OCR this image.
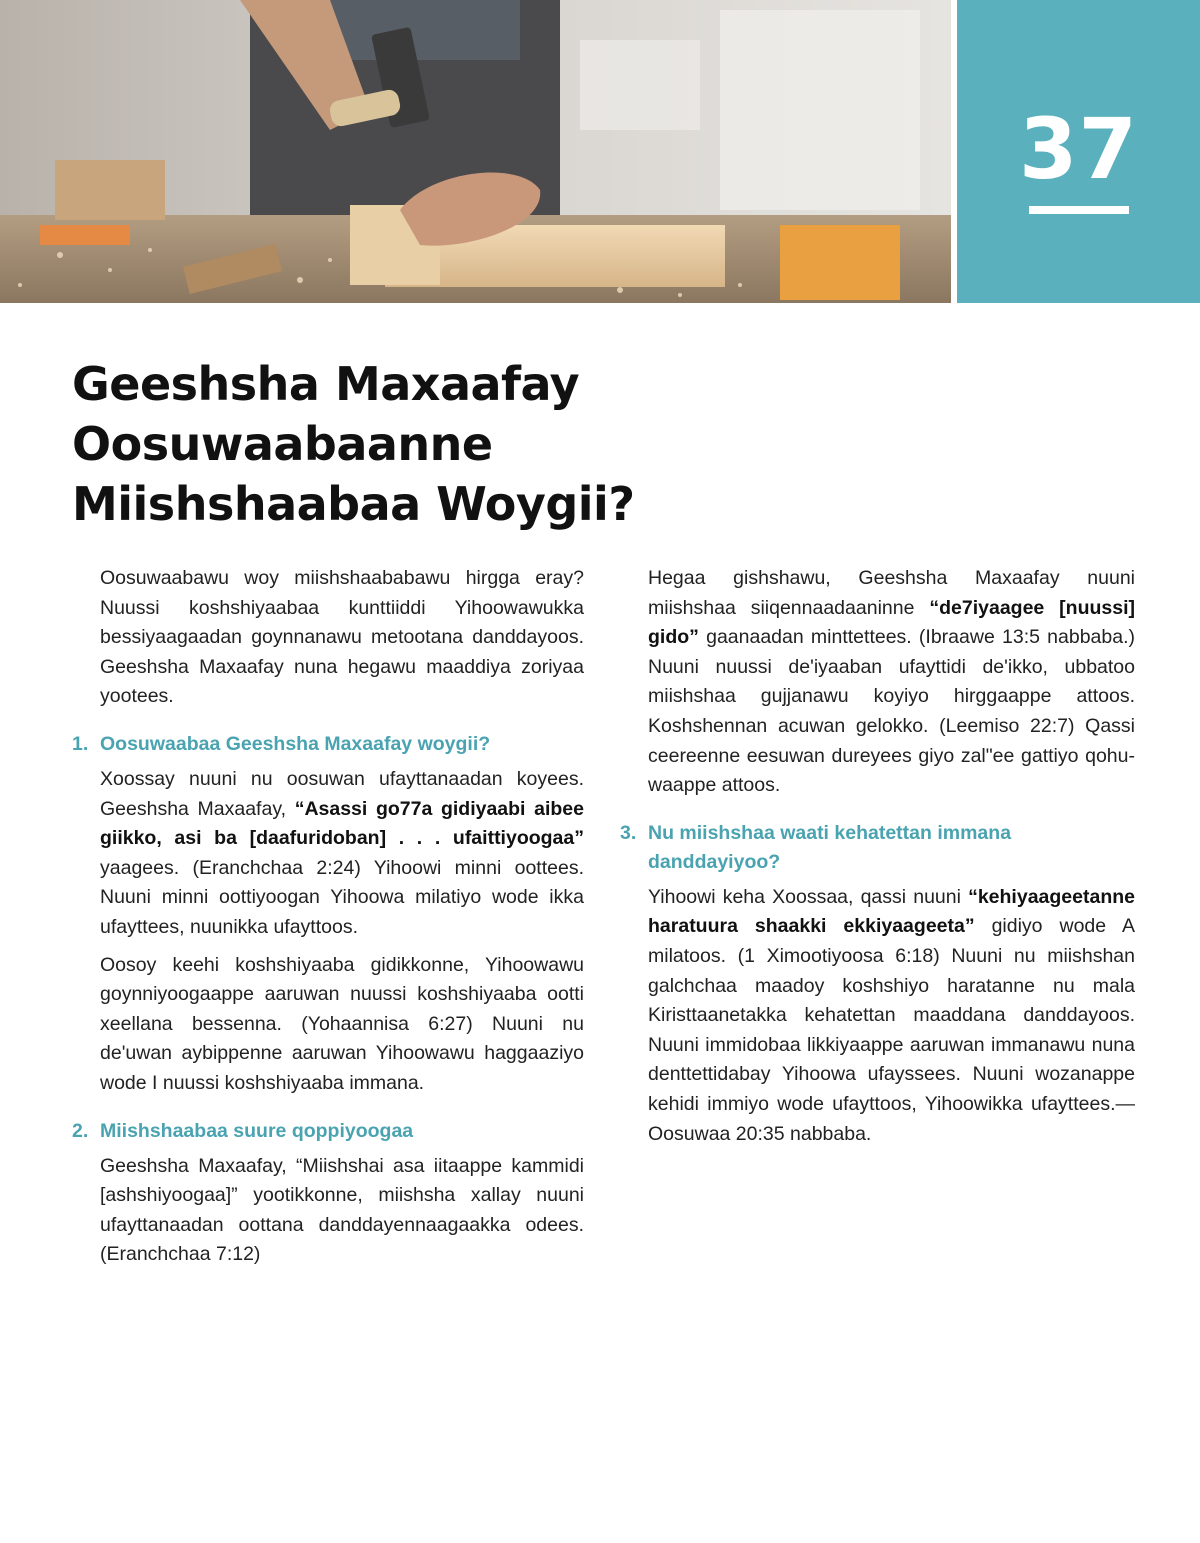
37
Geeshsha Maxaafay
Oosuwaabaanne
Miishshaabaa Woygii?

Oosuwaabawu woy miishshaababawu hirgga eray? Nuussi koshshiyaabaa kunttiiddi Yihoowawukka bessiyaagaadan goynnanawu metootana danddayoos. Geeshsha Maxaafay nuna hegawu maaddiya zoriyaa yootees.

1. Oosuwaabaa Geeshsha Maxaafay woygii?

Xoossay nuuni nu oosuwan ufayttanaadan koyees. Geeshsha Maxaafay, “Asassi go77a gidiyaabi aibee giikko, asi ba [daafuridoban] . . . ufaittiyoogaa” yaagees. (Eranchchaa 2:24) Yihoowi minni oottees. Nuuni minni oottiyoogan Yihoowa milatiyo wode ikka ufayttees, nuunikka ufayttoos.

Oosoy keehi koshshiyaaba gidikkonne, Yihoowawu goynniyoogaappe aaruwan nuussi koshshiyaaba ootti xeellana bessenna. (Yohaannisa 6:27) Nuuni nu de'uwan aybippenne aaruwan Yihoowawu haggaaziyo wode I nuussi koshshiyaaba immana.

2. Miishshaabaa suure qoppiyoogaa

Geeshsha Maxaafay, “Miishshai asa iitaappe kammidi [ashshiyoogaa]” yootikkonne, miishsha xallay nuuni ufayttanaadan oottana danddayennaagaakka odees. (Eranchchaa 7:12)

Hegaa gishshawu, Geeshsha Maxaafay nuuni miishshaa siiqennaadaaninne “de7iyaagee [nuussi] gido” gaanaadan minttettees. (Ibraawe 13:5 nabbaba.) Nuuni nuussi de'iyaaban ufayttidi de'ikko, ubbatoo miishshaa gujjanawu koyiyo hirggaappe attoos. Koshshennan acuwan gelokko. (Leemiso 22:7) Qassi ceereenne eesuwan dureyees giyo zal"ee gattiyo qohuwaappe attoos.

3. Nu miishshaa waati kehatettan immana danddayiyoo?

Yihoowi keha Xoossaa, qassi nuuni “kehiyaageetanne haratuura shaakki ekkiyaageeta” gidiyo wode A milatoos. (1 Ximootiyoosa 6:18) Nuuni nu miishshan galchchaa maadoy koshshiyo haratanne nu mala Kiristtaanetakka kehatettan maaddana danddayoos. Nuuni immidobaa likkiyaappe aaruwan immanawu nuna denttettidabay Yihoowa ufayssees. Nuuni wozanappe kehidi immiyo wode ufayttoos, Yihoowikka ufayttees.—Oosuwaa 20:35 nabbaba.
